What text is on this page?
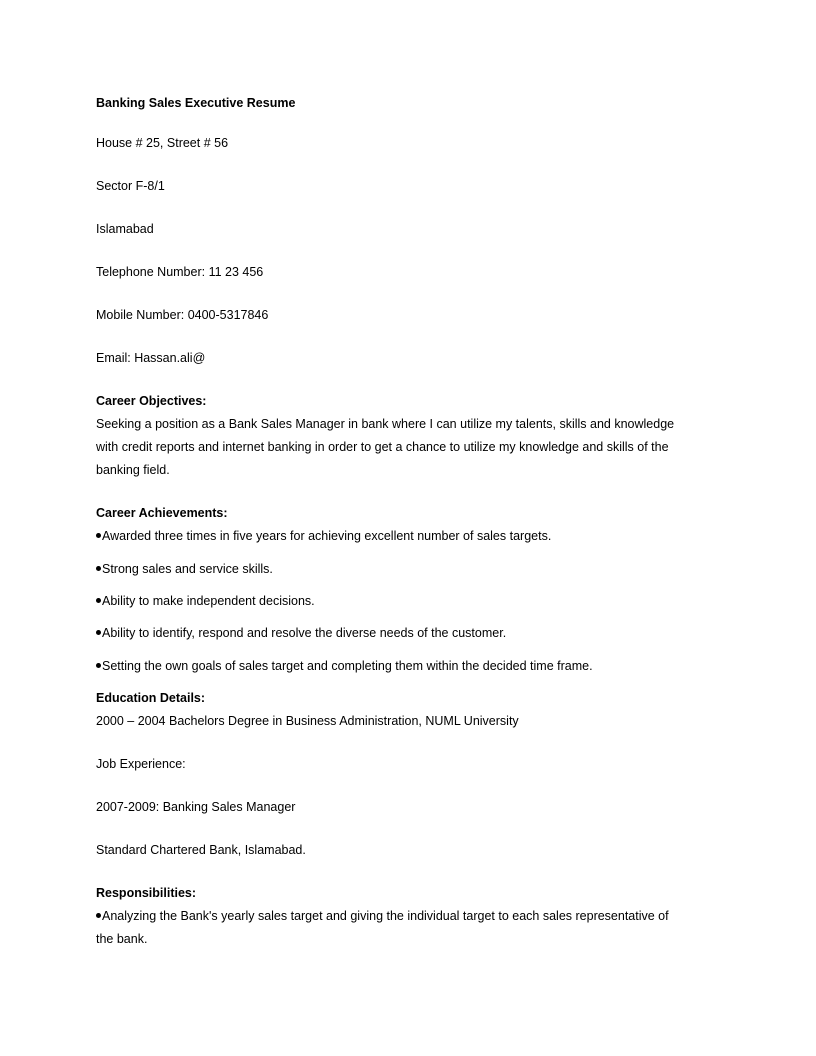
Banking Sales Executive Resume
House # 25, Street # 56
Sector F-8/1
Islamabad
Telephone Number: 11 23 456
Mobile Number: 0400-5317846
Email: Hassan.ali@
Career Objectives:
Seeking a position as a Bank Sales Manager in bank where I can utilize my talents, skills and knowledge
with credit reports and internet banking in order to get a chance to utilize my knowledge and skills of the
banking field.
Career Achievements:
Awarded three times in five years for achieving excellent number of sales targets.
Strong sales and service skills.
Ability to make independent decisions.
Ability to identify, respond and resolve the diverse needs of the customer.
Setting the own goals of sales target and completing them within the decided time frame.
Education Details:
2000 – 2004 Bachelors Degree in Business Administration, NUML University
Job Experience:
2007-2009: Banking Sales Manager
Standard Chartered Bank, Islamabad.
Responsibilities:
Analyzing the Bank's yearly sales target and giving the individual target to each sales representative of
the bank.
